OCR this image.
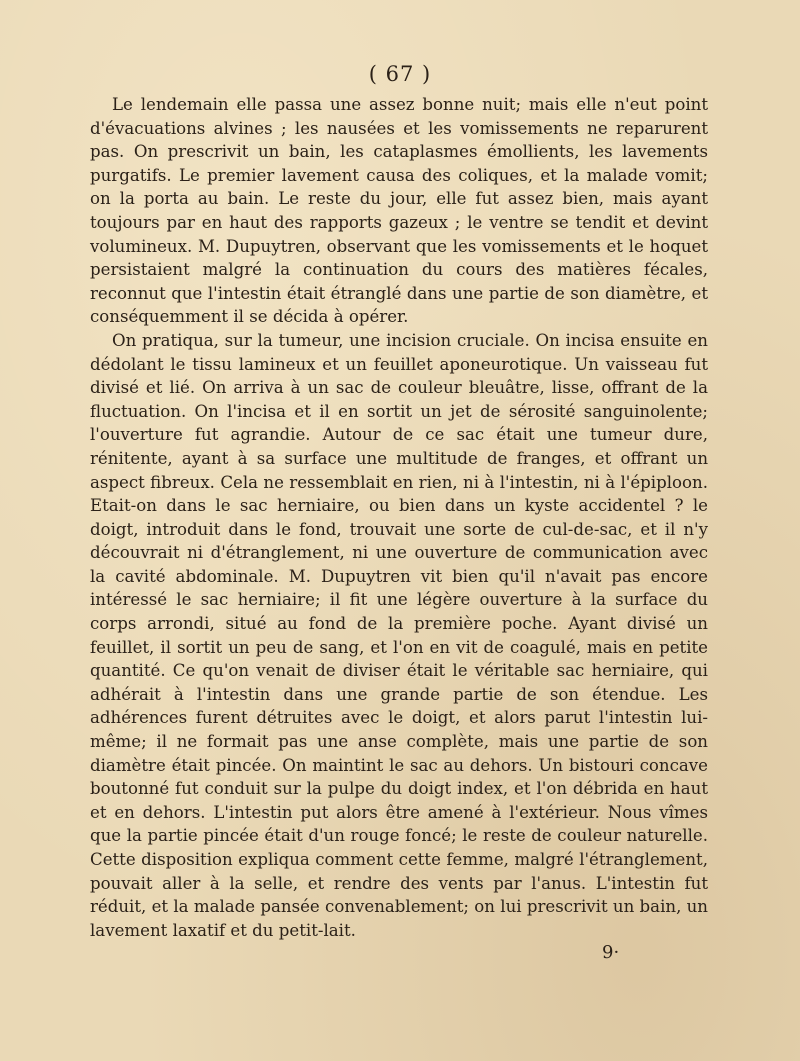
( 67 )

Le lendemain elle passa une assez bonne nuit; mais elle n'eut point d'évacuations alvines ; les nausées et les vomissements ne reparurent pas. On prescrivit un bain, les cataplasmes émollients, les lavements purgatifs. Le premier lavement causa des coliques, et la malade vomit; on la porta au bain. Le reste du jour, elle fut assez bien, mais ayant toujours par en haut des rapports gazeux ; le ventre se tendit et devint volumineux. M. Dupuytren, observant que les vomissements et le hoquet persistaient malgré la continuation du cours des matières fécales, reconnut que l'intestin était étranglé dans une partie de son diamètre, et conséquemment il se décida à opérer.

On pratiqua, sur la tumeur, une incision cruciale. On incisa ensuite en dédolant le tissu lamineux et un feuillet aponeurotique. Un vaisseau fut divisé et lié. On arriva à un sac de couleur bleuâtre, lisse, offrant de la fluctuation. On l'incisa et il en sortit un jet de sérosité sanguinolente; l'ouverture fut agrandie. Autour de ce sac était une tumeur dure, rénitente, ayant à sa surface une multitude de franges, et offrant un aspect fibreux. Cela ne ressemblait en rien, ni à l'intestin, ni à l'épiploon. Etait-on dans le sac herniaire, ou bien dans un kyste accidentel ? le doigt, introduit dans le fond, trouvait une sorte de cul-de-sac, et il n'y découvrait ni d'étranglement, ni une ouverture de communication avec la cavité abdominale. M. Dupuytren vit bien qu'il n'avait pas encore intéressé le sac herniaire; il fit une légère ouverture à la surface du corps arrondi, situé au fond de la première poche. Ayant divisé un feuillet, il sortit un peu de sang, et l'on en vit de coagulé, mais en petite quantité. Ce qu'on venait de diviser était le véritable sac herniaire, qui adhérait à l'intestin dans une grande partie de son étendue. Les adhérences furent détruites avec le doigt, et alors parut l'intestin lui-même; il ne formait pas une anse complète, mais une partie de son diamètre était pincée. On maintint le sac au dehors. Un bistouri concave boutonné fut conduit sur la pulpe du doigt index, et l'on débrida en haut et en dehors. L'intestin put alors être amené à l'extérieur. Nous vîmes que la partie pincée était d'un rouge foncé; le reste de couleur naturelle. Cette disposition expliqua comment cette femme, malgré l'étranglement, pouvait aller à la selle, et rendre des vents par l'anus. L'intestin fut réduit, et la malade pansée convenablement; on lui prescrivit un bain, un lavement laxatif et du petit-lait.

9·
